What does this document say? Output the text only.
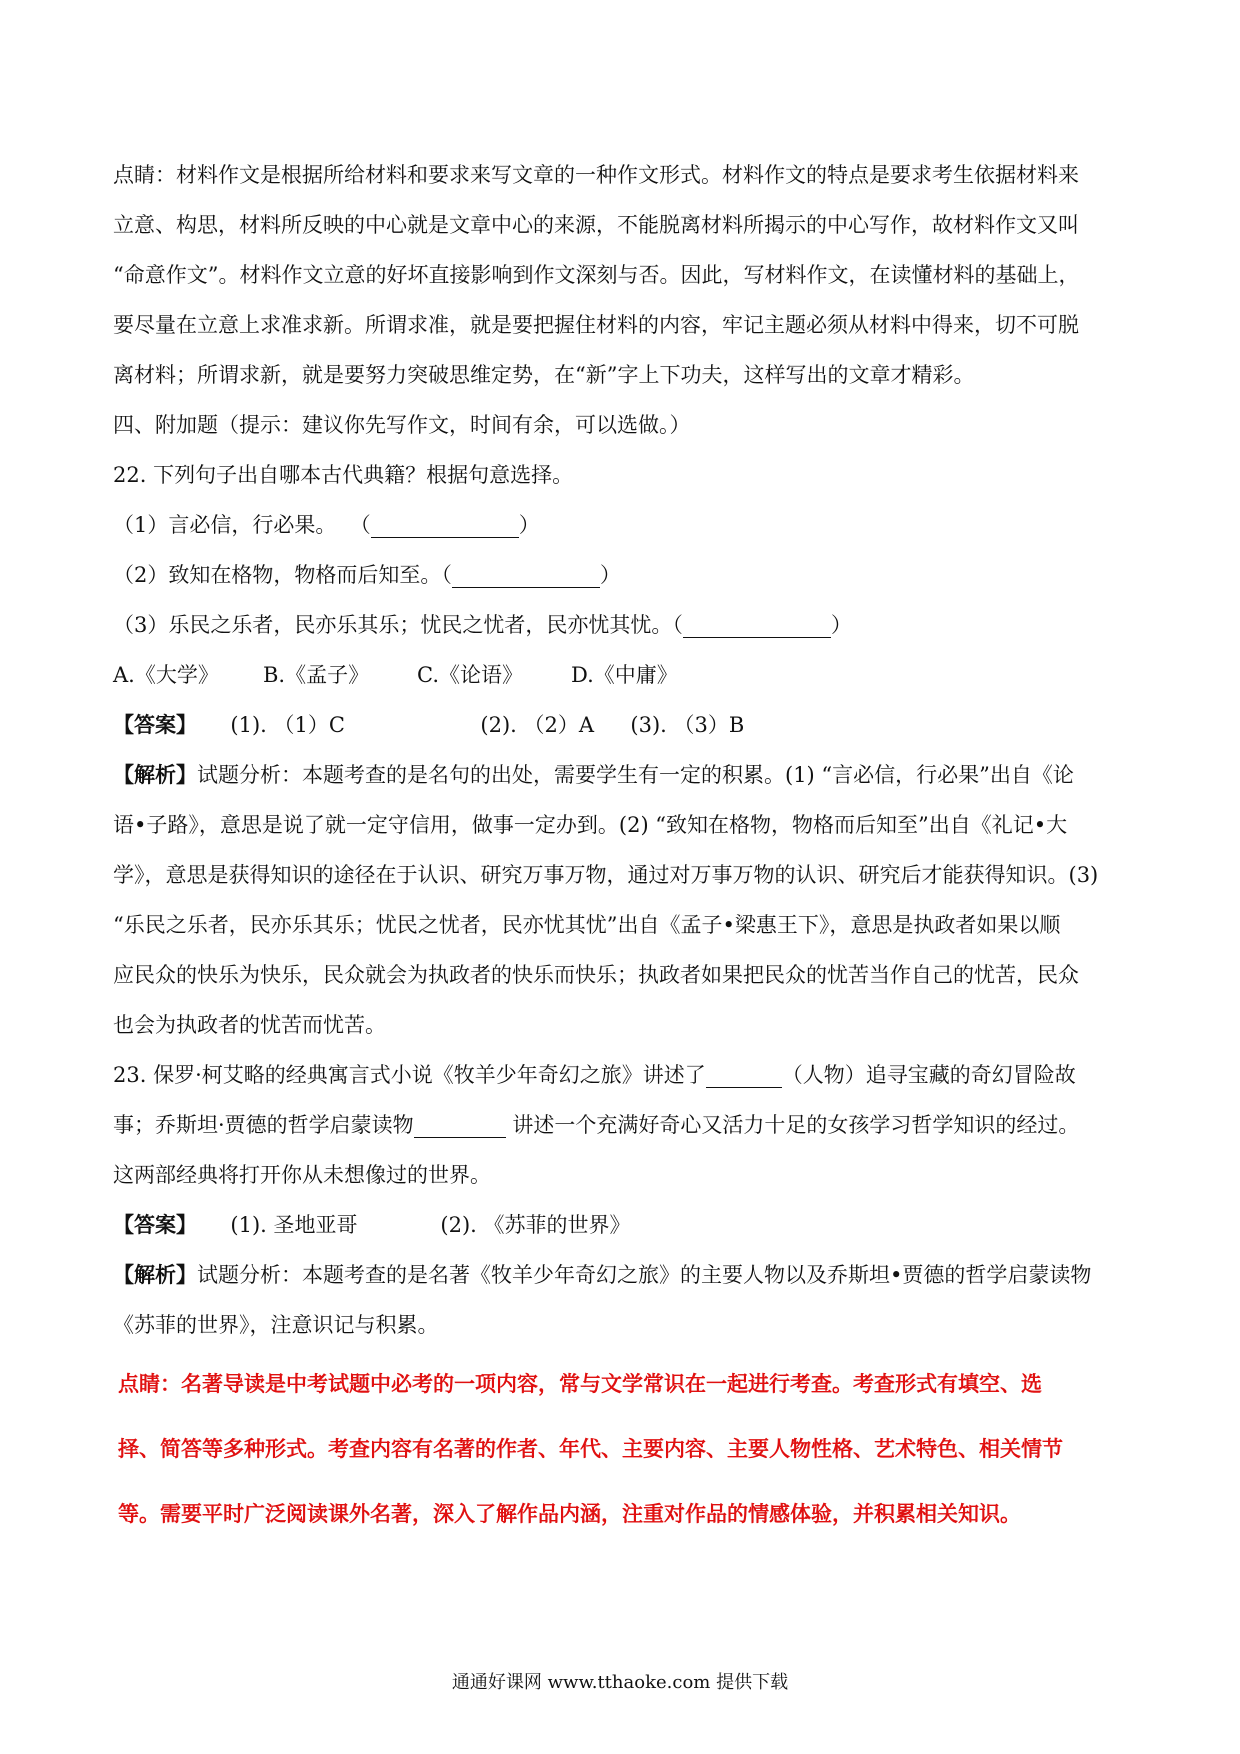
点睛：材料作文是根据所给材料和要求来写文章的一种作文形式。材料作文的特点是要求考生依据材料来

立意、构思，材料所反映的中心就是文章中心的来源，不能脱离材料所揭示的中心写作，故材料作文又叫

“命意作文”。材料作文立意的好坏直接影响到作文深刻与否。因此，写材料作文，在读懂材料的基础上，

要尽量在立意上求准求新。所谓求准，就是要把握住材料的内容，牢记主题必须从材料中得来，切不可脱

离材料；所谓求新，就是要努力突破思维定势，在“新”字上下功夫，这样写出的文章才精彩。

四、附加题（提示：建议你先写作文，时间有余，可以选做。）

22. 下列句子出自哪本古代典籍？根据句意选择。

（1）言必信，行必果。 （	）

（2）致知在格物，物格而后知至。（	）

（3）乐民之乐者，民亦乐其乐；忧民之忧者，民亦忧其忧。（	）

A.《大学》 B.《孟子》 C.《论语》 D.《中庸》

【答案】 (1). （1）C	(2). （2）A (3). （3）B

【解析】试题分析：本题考查的是名句的出处，需要学生有一定的积累。(1) “言必信，行必果”出自《论

语•子路》，意思是说了就一定守信用，做事一定办到。(2) “致知在格物，物格而后知至”出自《礼记•大

学》，意思是获得知识的途径在于认识、研究万事万物，通过对万事万物的认识、研究后才能获得知识。(3)

“乐民之乐者，民亦乐其乐；忧民之忧者，民亦忧其忧”出自《孟子•梁惠王下》，意思是执政者如果以顺

应民众的快乐为快乐，民众就会为执政者的快乐而快乐；执政者如果把民众的忧苦当作自己的忧苦，民众

也会为执政者的忧苦而忧苦。

23. 保罗·柯艾略的经典寓言式小说《牧羊少年奇幻之旅》讲述了	（人物）追寻宝藏的奇幻冒险故

事；乔斯坦·贾德的哲学启蒙读物	讲述一个充满好奇心又活力十足的女孩学习哲学知识的经过。

这两部经典将打开你从未想像过的世界。

【答案】 (1). 圣地亚哥	(2). 《苏菲的世界》

【解析】试题分析：本题考查的是名著《牧羊少年奇幻之旅》的主要人物以及乔斯坦•贾德的哲学启蒙读物

《苏菲的世界》，注意识记与积累。

点睛：名著导读是中考试题中必考的一项内容，常与文学常识在一起进行考查。考查形式有填空、选

择、简答等多种形式。考查内容有名著的作者、年代、主要内容、主要人物性格、艺术特色、相关情节

等。需要平时广泛阅读课外名著，深入了解作品内涵，注重对作品的情感体验，并积累相关知识。

通通好课网 www.tthaoke.com 提供下载
